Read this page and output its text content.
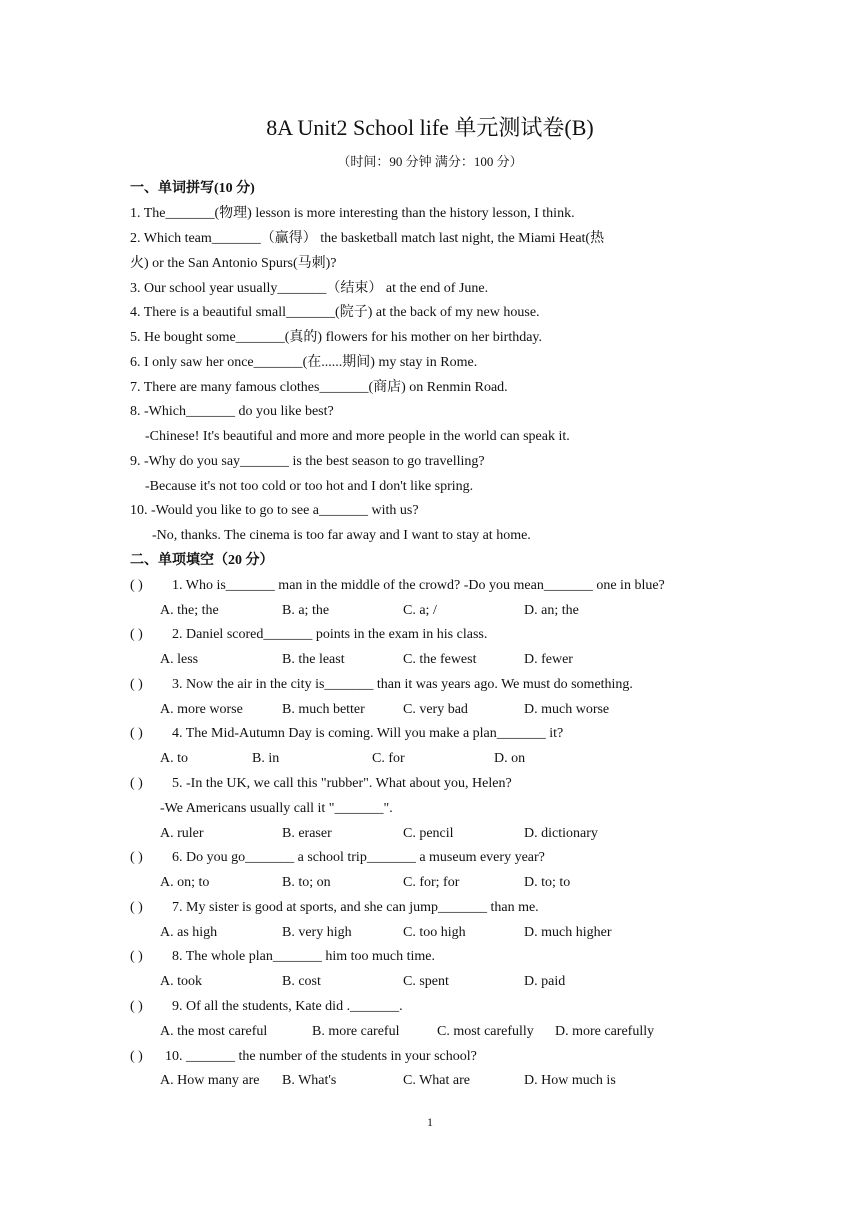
8A Unit2 School life 单元测试卷(B)
（时间：90 分钟 满分：100 分）
一、单词拼写(10 分)
1. The_______(物理) lesson is more interesting than the history lesson, I think.
2. Which team_______（赢得） the basketball match last night, the Miami Heat(热
火) or the San Antonio Spurs(马刺)?
3. Our school year usually_______（结束） at the end of June.
4. There is a beautiful small_______(院子) at the back of my new house.
5. He bought some_______(真的) flowers for his mother on her birthday.
6. I only saw her once_______(在......期间) my stay in Rome.
7. There are many famous clothes_______(商店) on Renmin Road.
8. -Which_______ do you like best?
-Chinese! It's beautiful and more and more people in the world can speak it.
9. -Why do you say_______ is the best season to go travelling?
-Because it's not too cold or too hot and I don't like spring.
10. -Would you like to go to see a_______ with us?
-No, thanks. The cinema is too far away and I want to stay at home.
二、单项填空（20 分）
( ) 1. Who is_______ man in the middle of the crowd? -Do you mean_______ one in blue?
A. the; the	B. a; the	C. a; /	D. an; the
( ) 2. Daniel scored_______ points in the exam in his class.
A. less	B. the least	C. the fewest	D. fewer
( ) 3. Now the air in the city is_______ than it was years ago. We must do something.
A. more worse	B. much better	C. very bad	D. much worse
( ) 4. The Mid-Autumn Day is coming. Will you make a plan_______ it?
A. to	B. in	C. for	D. on
( ) 5. -In the UK, we call this "rubber". What about you, Helen?
-We Americans usually call it "_______".
A. ruler	B. eraser	C. pencil	D. dictionary
( ) 6. Do you go_______ a school trip_______ a museum every year?
A. on; to	B. to; on	C. for; for	D. to; to
( ) 7. My sister is good at sports, and she can jump_______ than me.
A. as high	B. very high	C. too high	D. much higher
( ) 8. The whole plan_______ him too much time.
A. took	B. cost	C. spent	D. paid
( ) 9. Of all the students, Kate did ._______.
A. the most careful	B. more careful	C. most carefully D. more carefully
( ) 10. _______ the number of the students in your school?
A. How many are B. What's	C. What are	D. How much is
1
